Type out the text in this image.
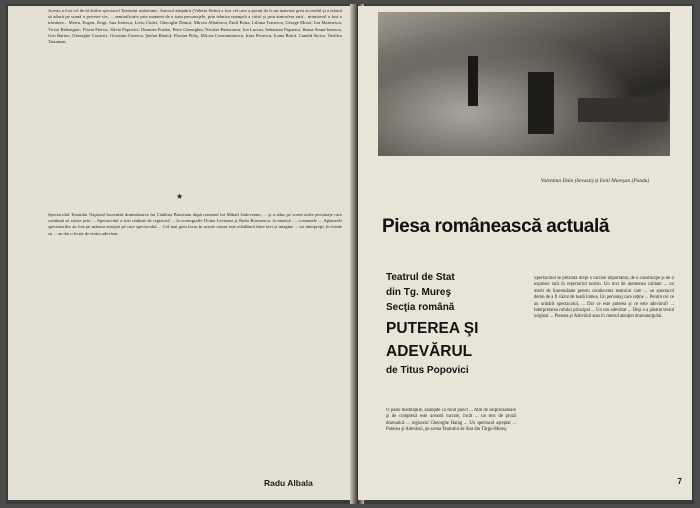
Acesta a fost cel de-al doilea spectacol Teatrului radiofonic. Autorul adaptării (Valeriu Sirbu) a fost cel care a pornit de la un material greu accesibil şi a izbutit să aducă pe scenă o poveste vie, ... seminificativ prin maniera de a trata personajele, prin tehnica nuanţată a citirii şi prin atmosfera rară... ministerul a fost o trimitere... Meriu, Eugen, Zeigi, Ana Ionescu, Liviu Ciulei, Gheorghe Dinică, Mircea Albulescu, Emil Botta, Liliana Tomescu, George Motoi, Ion Marinescu, Victor Rebengiuc, Florin Piersic, Silvia Popovici, Dumitru Furdui, Petre Gheorghiu, Nicolae Brancomir, Ion Lucian, Sebastian Papaiani, Ileana Stana-Ionescu, Geo Barton, Gheorghe Cozorici, Octavian Cotescu, Ştefan Bănică, Florian Pittiş, Mircea Constantinescu, Irina Petrescu, Ioana Bulcă, Candid Stoica, Vasilica Tastaman.
★
Spectacolul Teatrului Naţional însceniză dramatizarea lui Cătălina Buzoianu după romanul lui Mihail Sadoveanu, ... şi a adus pe scenă acele personaje care continuă să existe prin ... Spectacolul a fost realizat de regizorul ... la scenografie Doina Levintza şi Radu Boruzescu, la muzică ..., costumele ... Aplauzele spectatorilor au fost pe măsura emoţiei pe care spectacolul ... Cel mai greu lucru în aceste cazuri este echilibrul între text şi imagine ... iar interpreţii, în frunte cu ... au dat o lecţie de teatru adevărat.
Radu Albala
Valentina Dain (Sevasti) și Emil Mureșan (Pandu)
Piesa românească actuală
Teatrul de Stat
din Tg. Mureş
Secţia română
PUTEREA ŞI
ADEVĂRUL
de Titus Popovici
O paste meditațiile, anunţate ca fiind punct ... Atât de surprinzătoare şi de complexă este această lucrare, încât ... un text de proză dramatică ... regizorul Gheorghe Harag ... Un spectacol aşteptat ... Puterea şi Adevărul, pe scena Teatrului de Stat din Târgu-Mureş.
Spectacolul se prezintă drept o lucrare importantă, de o construcţie şi de o expresie rară în repertoriul nostru. Un text de asemenea calitate ... un merit de însemnătate pentru conducerea teatrului care ... un spectacol demn de a fi văzut de toată lumea. Un personaj care reţine ... Pentru cei ce au urmărit spectacolul, ... Dar ce este puterea şi ce este adevărul? ... Interpretarea rolului principal ... Un om adevărat ... Deşi s-a păstrat textul original ... Puterea şi Adevărul stau în centrul atenţiei dramaturgului.
7
